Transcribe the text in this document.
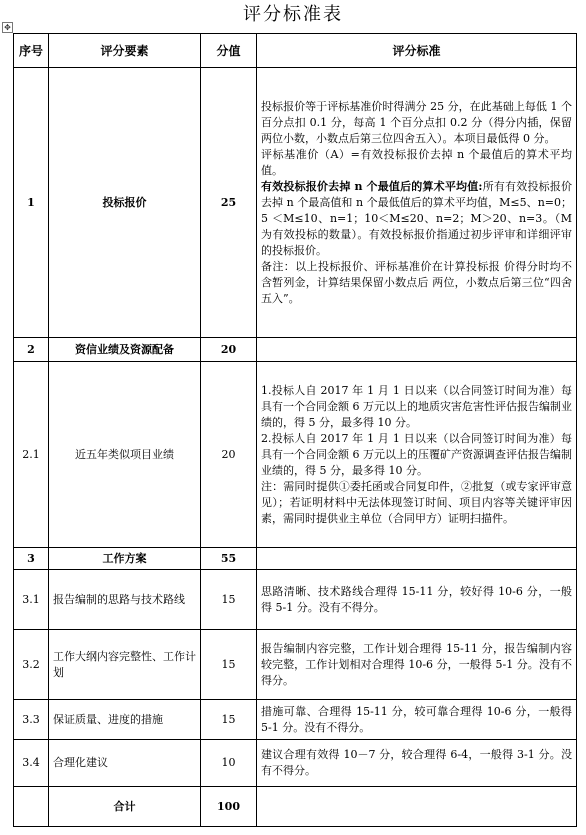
评分标准表
✥
序号	评分要素	分值	评分标准
1	投标报价	25	投标报价等于评标基准价时得满分 25 分，在此基础上每低 1 个百分点扣 0.1 分，每高 1 个百分点扣 0.2 分（得分内插，保留两位小数，小数点后第三位四舍五入）。本项目最低得 0 分。
评标基准价（A）=有效投标报价去掉 n 个最值后的算术平均值。
有效投标报价去掉 n 个最值后的算术平均值:所有有效投标报价去掉 n 个最高值和 n 个最低值后的算术平均值，M≤5、n=0；5 ＜M≤10、n=1；10＜M≤20、n=2；M＞20、n=3。（M 为有效投标的数量）。有效投标报价指通过初步评审和详细评审的投标报价。
备注：以上投标报价、评标基准价在计算投标报 价得分时均不含暂列金，计算结果保留小数点后 两位，小数点后第三位“四舍五入”。

2	资信业绩及资源配备	20	
2.1	近五年类似项目业绩	20	1.投标人自 2017 年 1 月 1 日以来（以合同签订时间为准）每具有一个合同金额 6 万元以上的地质灾害危害性评估报告编制业绩的，得 5 分，最多得 10 分。
2.投标人自 2017 年 1 月 1 日以来（以合同签订时间为准）每具有一个合同金额 6 万元以上的压覆矿产资源调查评估报告编制业绩的，得 5 分，最多得 10 分。
注：需同时提供①委托函或合同复印件，②批复（或专家评审意见）；若证明材料中无法体现签订时间、项目内容等关键评审因素，需同时提供业主单位（合同甲方）证明扫描件。

3	工作方案	55	
3.1	报告编制的思路与技术路线	15	思路清晰、技术路线合理得 15-11 分，较好得 10-6 分，一般得 5-1 分。没有不得分。
3.2	工作大纲内容完整性、工作计划	15	报告编制内容完整，工作计划合理得 15-11 分，报告编制内容较完整，工作计划相对合理得 10-6 分，一般得 5-1 分。没有不得分。
3.3	保证质量、进度的措施	15	措施可靠、合理得 15-11 分，较可靠合理得 10-6 分，一般得 5-1 分。没有不得分。
3.4	合理化建议	10	建议合理有效得 10－7 分，较合理得 6-4，一般得 3-1 分。没有不得分。
	合计	100	
